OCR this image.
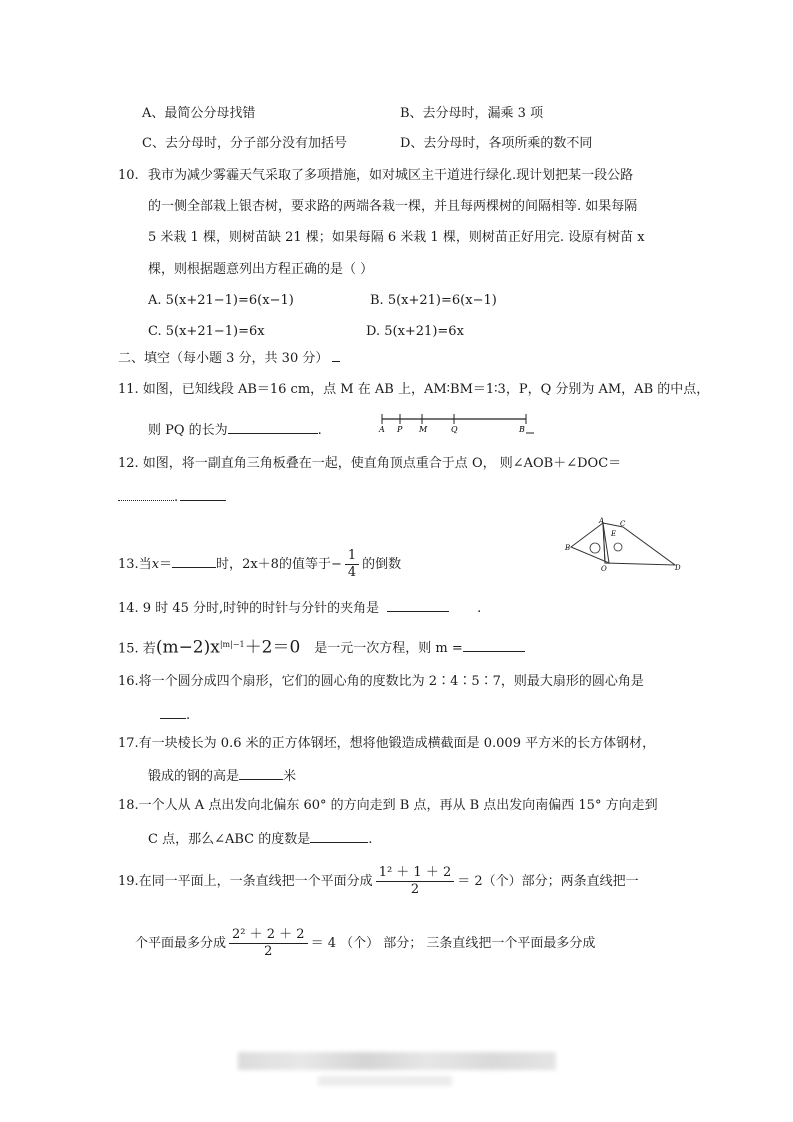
A、最简公分母找错	B、去分母时，漏乘 3 项
C、去分母时，分子部分没有加括号	D、去分母时，各项所乘的数不同
10. 我市为减少雾霾天气采取了多项措施，如对城区主干道进行绿化.现计划把某一段公路
的一侧全部栽上银杏树，要求路的两端各栽一棵，并且每两棵树的间隔相等. 如果每隔
5 米栽 1 棵，则树苗缺 21 棵；如果每隔 6 米栽 1 棵，则树苗正好用完. 设原有树苗 x
棵，则根据题意列出方程正确的是（ ）
A. 5(x+21−1)=6(x−1)	B. 5(x+21)=6(x−1)
C. 5(x+21−1)=6x	D. 5(x+21)=6x
二、填空（每小题 3 分，共 30 分）
11. 如图，已知线段 AB＝16 cm，点 M 在 AB 上，AM∶BM＝1∶3，P，Q 分别为 AM，AB 的中点，
则 PQ 的长为	.	A P M	Q	B
12. 如图，将一副直角三角板叠在一起，使直角顶点重合于点 O， 则∠AOB＋∠DOC＝
.
A
B
C
D
O
E
13.当x＝	时，2x＋8的值等于− $\frac{1}{4}$ 的倒数
14. 9 时 45 分时,时钟的时针与分针的夹角是	.
15. 若$(m-2)x^{|m|-1}+2=0$ 是一元一次方程，则 m =
16.将一个圆分成四个扇形，它们的圆心角的度数比为 2∶4∶5∶7，则最大扇形的圆心角是
.
17.有一块棱长为 0.6 米的正方体钢坯，想将他锻造成横截面是 0.009 平方米的长方体钢材，
锻成的钢的高是	米
18.一个人从 A 点出发向北偏东 60° 的方向走到 B 点，再从 B 点出发向南偏西 15° 方向走到
C 点，那么∠ABC 的度数是	.
19.在同一平面上，一条直线把一个平面分成 $\frac{\text{1² ＋ 1 ＋ 2}}{2} = 2$（个）部分；两条直线把一
个平面最多分成 $\frac{\text{2² ＋ 2 ＋ 2}}{2} = 4$ （个） 部分； 三条直线把一个平面最多分成
